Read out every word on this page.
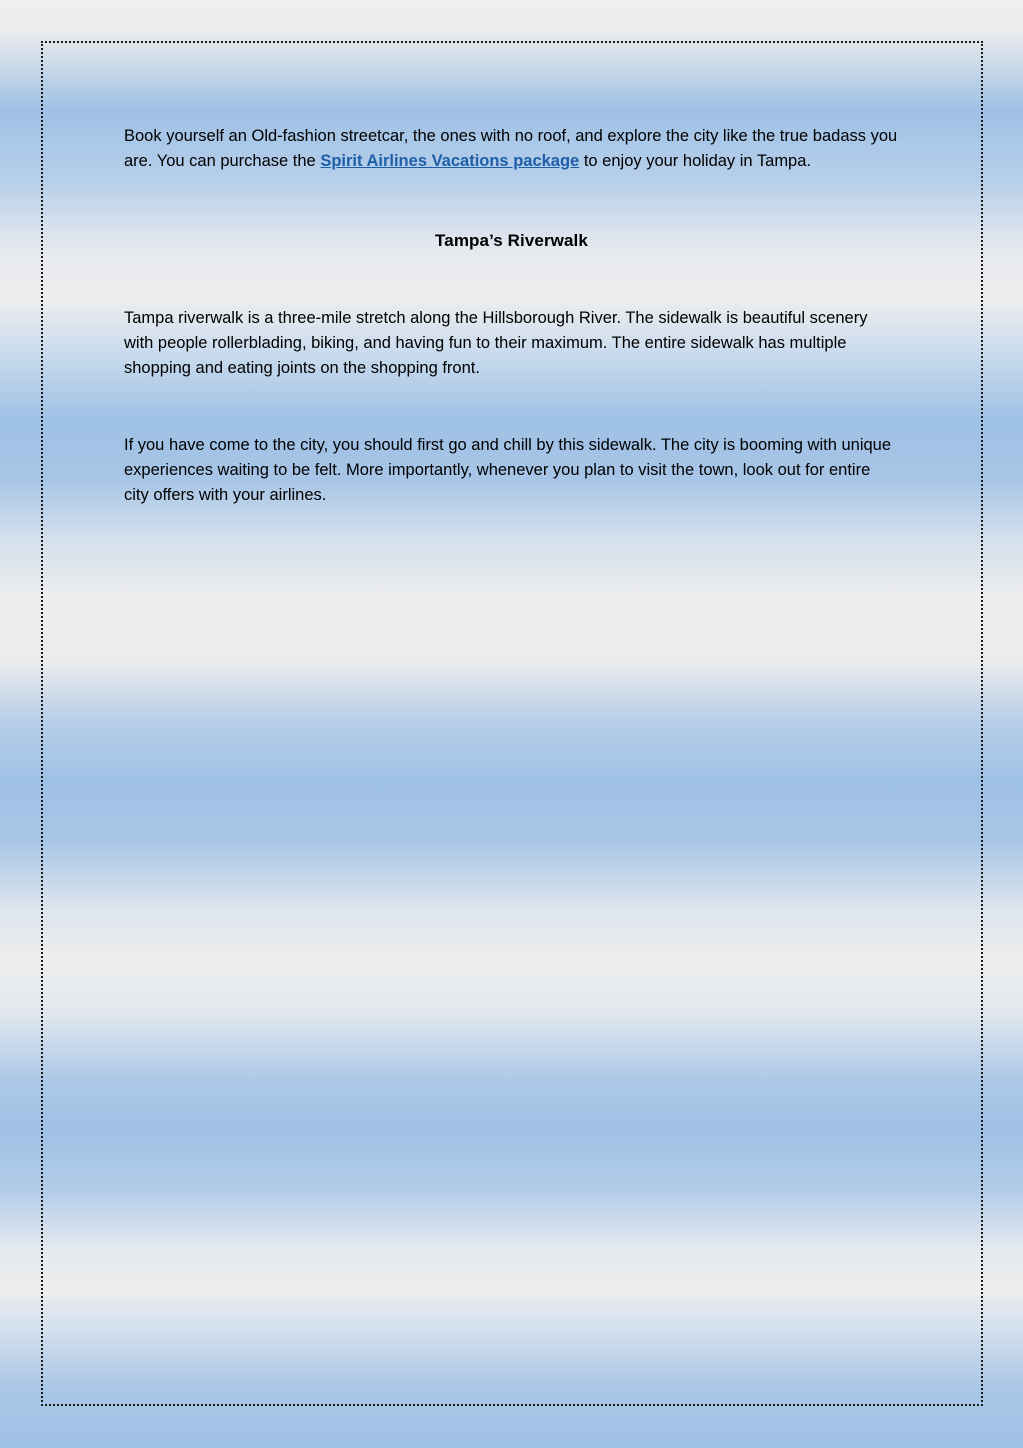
Book yourself an Old-fashion streetcar, the ones with no roof, and explore the city like the true badass you are. You can purchase the Spirit Airlines Vacations package to enjoy your holiday in Tampa.

Tampa’s Riverwalk

Tampa riverwalk is a three-mile stretch along the Hillsborough River. The sidewalk is beautiful scenery with people rollerblading, biking, and having fun to their maximum. The entire sidewalk has multiple shopping and eating joints on the shopping front.

If you have come to the city, you should first go and chill by this sidewalk. The city is booming with unique experiences waiting to be felt. More importantly, whenever you plan to visit the town, look out for entire city offers with your airlines.
